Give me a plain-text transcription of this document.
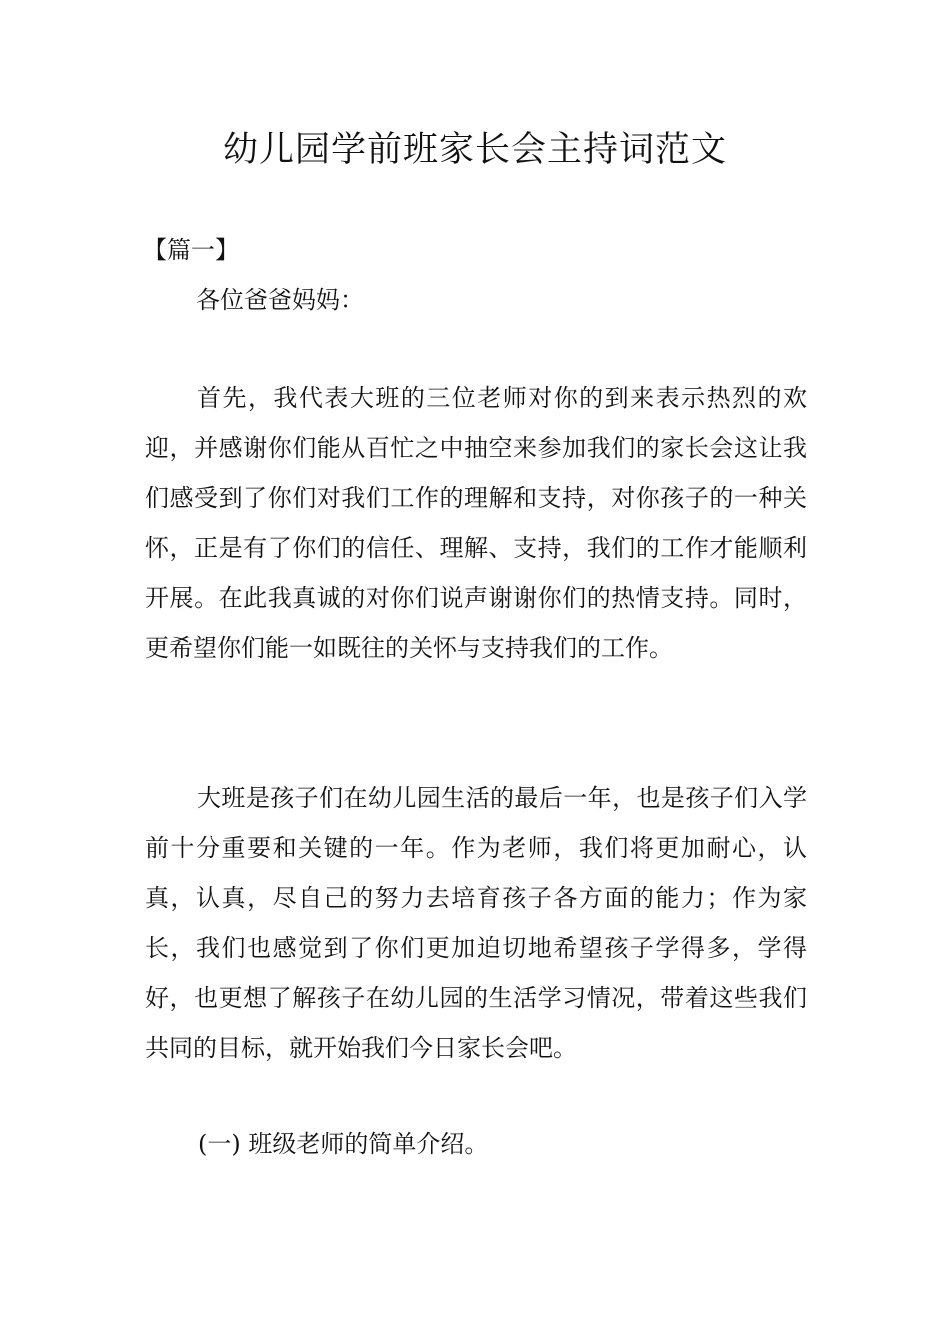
幼儿园学前班家长会主持词范文

【篇一】

各位爸爸妈妈：

首先，我代表大班的三位老师对你的到来表示热烈的欢迎，并感谢你们能从百忙之中抽空来参加我们的家长会这让我们感受到了你们对我们工作的理解和支持，对你孩子的一种关怀，正是有了你们的信任、理解、支持，我们的工作才能顺利开展。在此我真诚的对你们说声谢谢你们的热情支持。同时，更希望你们能一如既往的关怀与支持我们的工作。

大班是孩子们在幼儿园生活的最后一年，也是孩子们入学前十分重要和关键的一年。作为老师，我们将更加耐心，认真，认真，尽自己的努力去培育孩子各方面的能力；作为家长，我们也感觉到了你们更加迫切地希望孩子学得多，学得好，也更想了解孩子在幼儿园的生活学习情况，带着这些我们共同的目标，就开始我们今日家长会吧。

(一) 班级老师的简单介绍。
